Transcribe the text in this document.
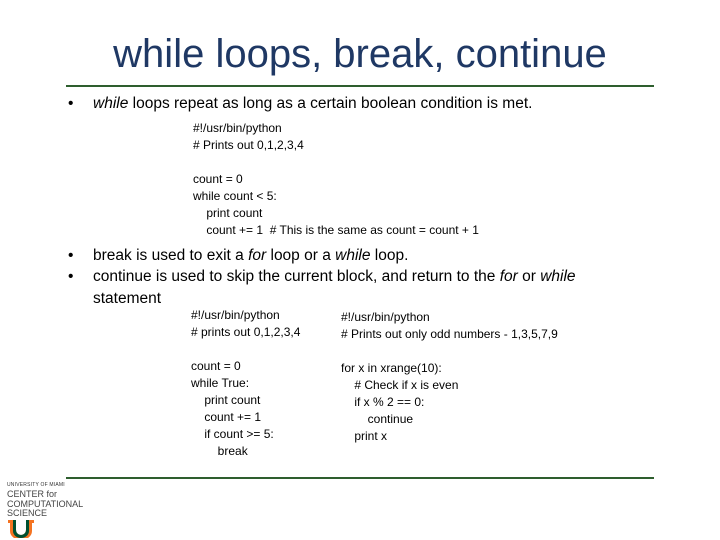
while loops, break, continue
• while loops repeat as long as a certain boolean condition is met.
#!/usr/bin/python
# Prints out 0,1,2,3,4

count = 0
while count < 5:
print count
count += 1  # This is the same as count = count + 1
• break is used to exit a for loop or a while loop.
• continue is used to skip the current block, and return to the for or while
statement
#!/usr/bin/python
# prints out 0,1,2,3,4

count = 0
while True:
print count
count += 1
if count >= 5:
break
#!/usr/bin/python
# Prints out only odd numbers - 1,3,5,7,9

for x in xrange(10):
# Check if x is even
if x % 2 == 0:
continue
print x
UNIVERSITY OF MIAMI
CENTER for
COMPUTATIONAL
SCIENCE
